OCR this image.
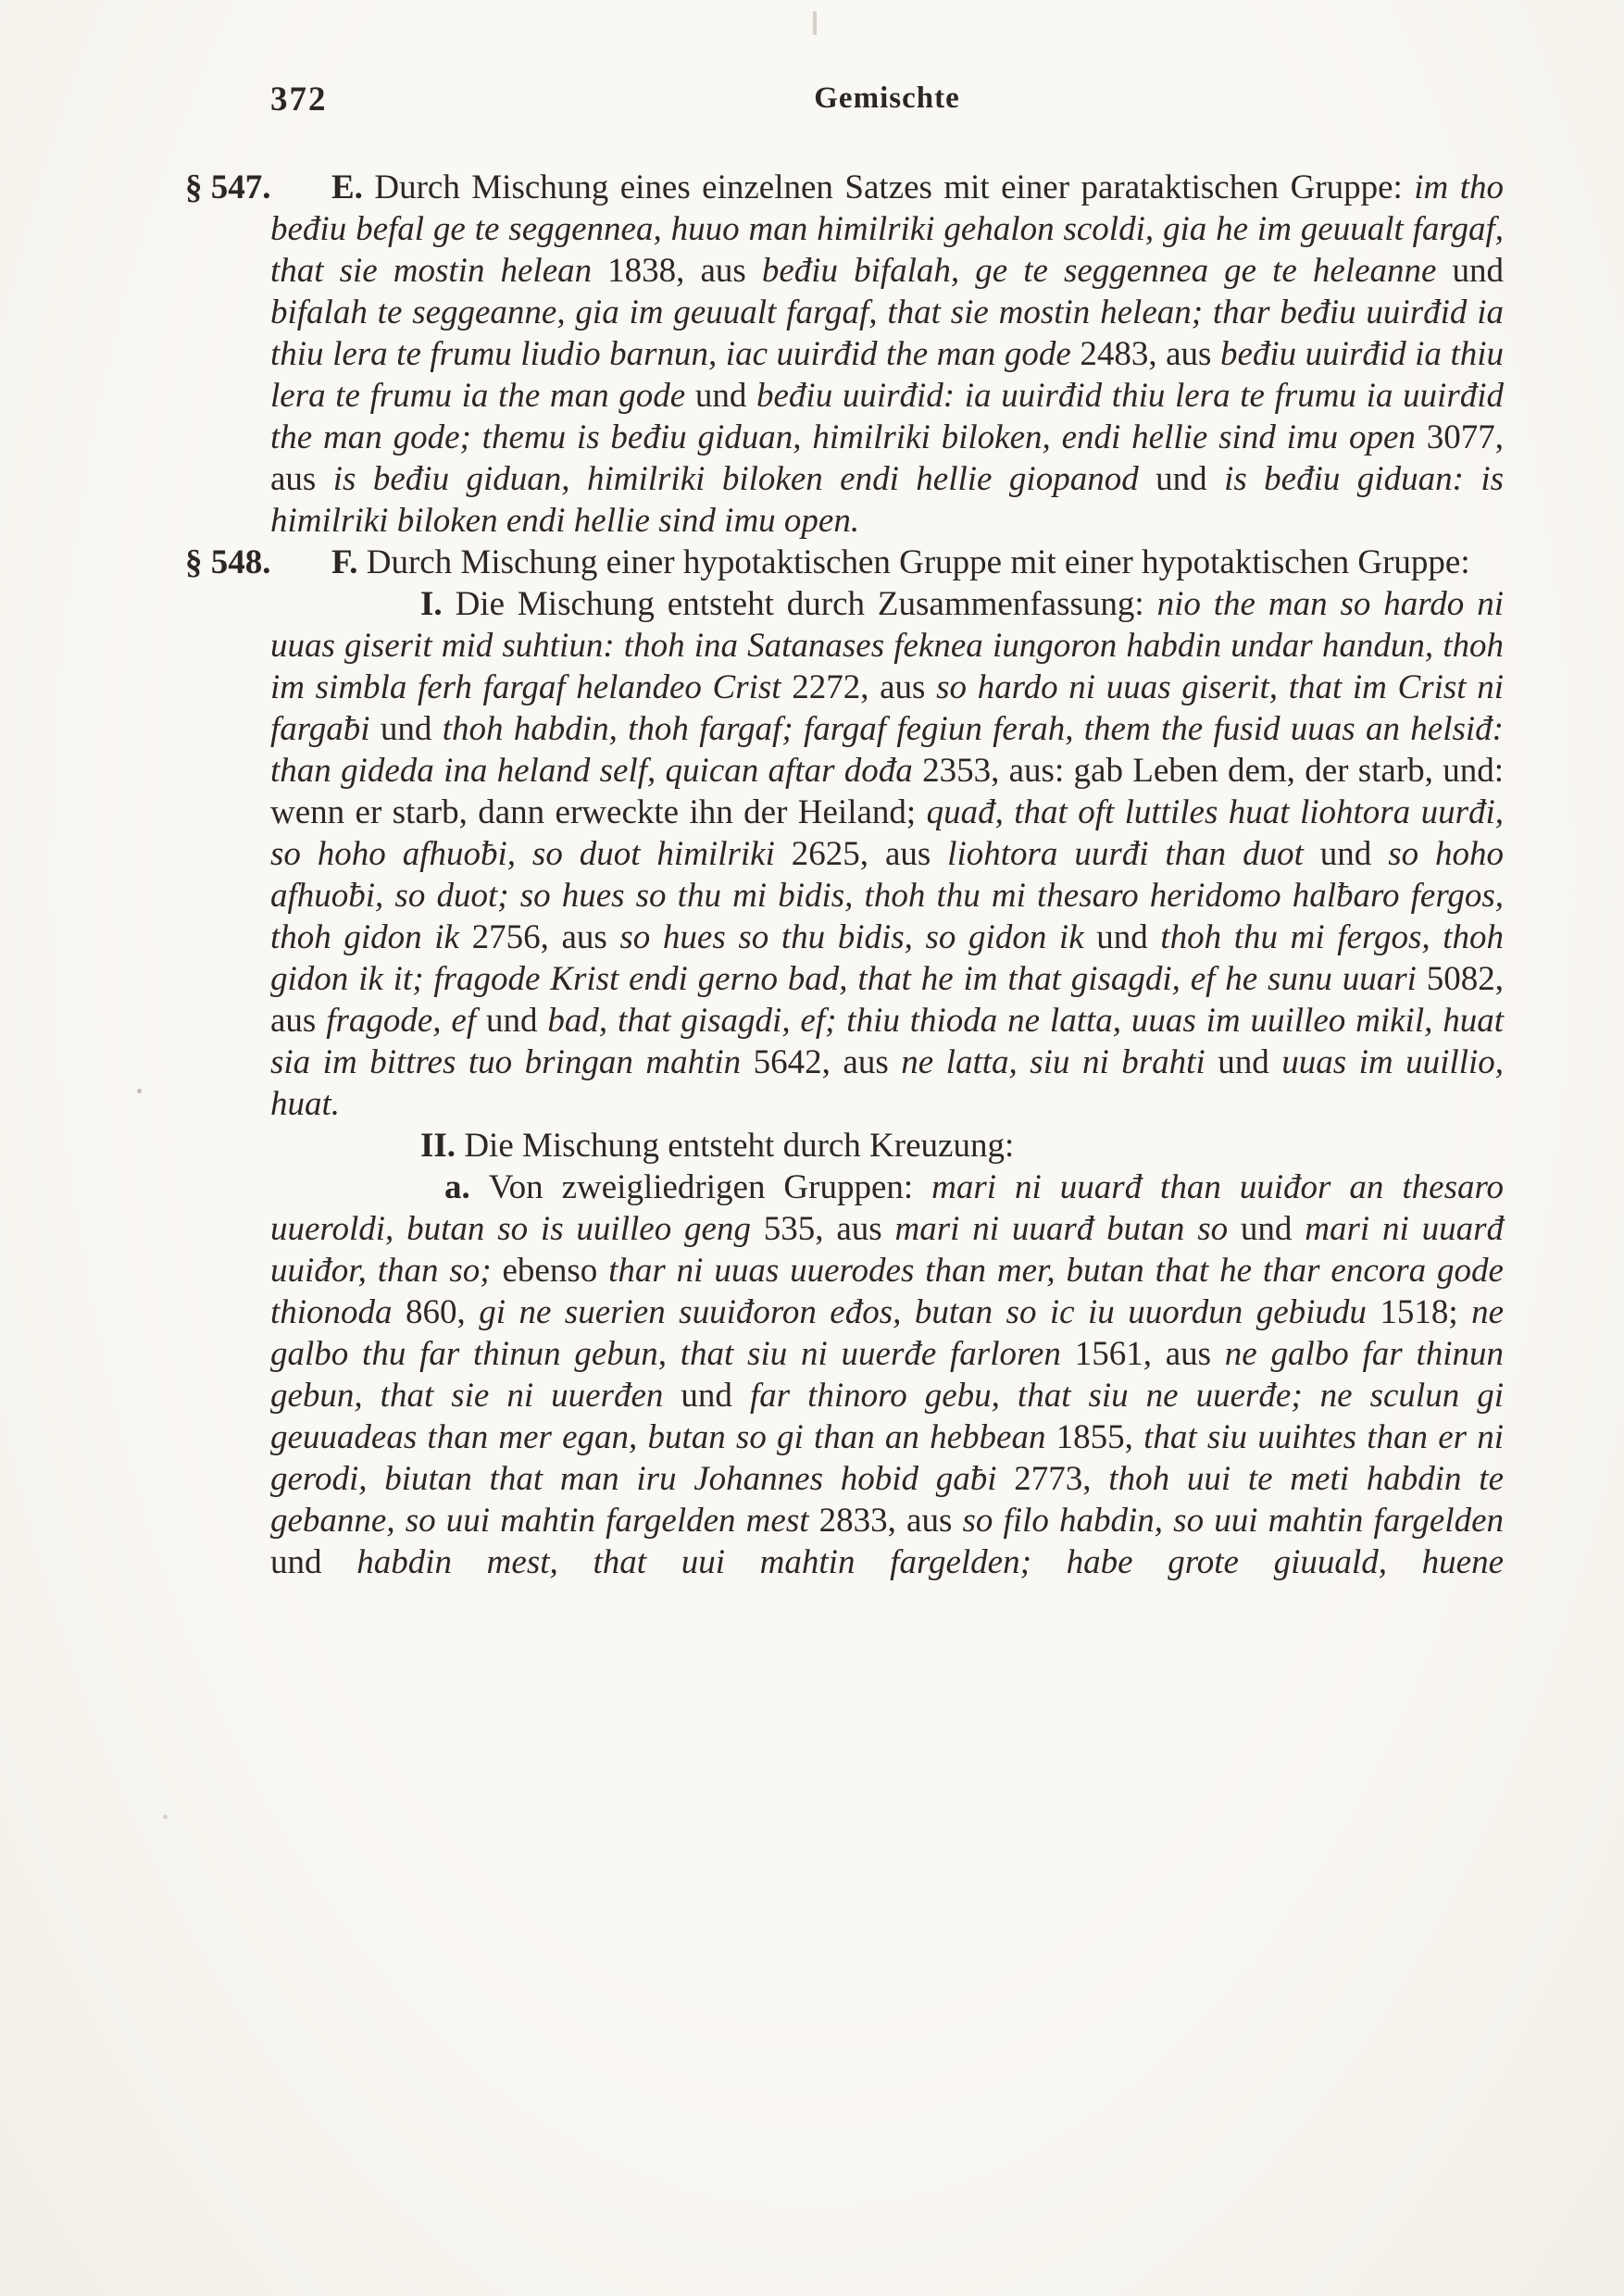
372	Gemischte
§ 547. E. Durch Mischung eines einzelnen Satzes mit einer parataktischen Gruppe: im tho beđiu befal ge te seggennea, huuo man himilriki gehalon scoldi, gia he im geuualt fargaf, that sie mostin helean 1838, aus beđiu bifalah, ge te seggennea ge te heleanne und bifalah te seggeanne, gia im geuualt fargaf, that sie mostin helean; thar beđiu uuirđid ia thiu lera te frumu liudio barnun, iac uuirđid the man gode 2483, aus beđiu uuirđid ia thiu lera te frumu ia the man gode und beđiu uuirđid: ia uuirđid thiu lera te frumu ia uuirđid the man gode; themu is beđiu giduan, himilriki biloken, endi hellie sind imu open 3077, aus is beđiu giduan, himilriki biloken endi hellie giopanod und is beđiu giduan: is himilriki biloken endi hellie sind imu open.
§ 548. F. Durch Mischung einer hypotaktischen Gruppe mit einer hypotaktischen Gruppe:
I. Die Mischung entsteht durch Zusammenfassung: nio the man so hardo ni uuas giserit mid suhtiun: thoh ina Satanases feknea iungoron habdin undar handun, thoh im simbla ferh fargaf helandeo Crist 2272, aus so hardo ni uuas giserit, that im Crist ni fargaƀi und thoh habdin, thoh fargaf; fargaf fegiun ferah, them the fusid uuas an helsiđ: than gideda ina heland self, quican aftar dođa 2353, aus: gab Leben dem, der starb, und: wenn er starb, dann erweckte ihn der Heiland; quađ, that oft luttiles huat liohtora uurđi, so hoho afhuoƀi, so duot himilriki 2625, aus liohtora uurđi than duot und so hoho afhuoƀi, so duot; so hues so thu mi bidis, thoh thu mi thesaro heridomo halƀaro fergos, thoh gidon ik 2756, aus so hues so thu bidis, so gidon ik und thoh thu mi fergos, thoh gidon ik it; fragode Krist endi gerno bad, that he im that gisagdi, ef he sunu uuari 5082, aus fragode, ef und bad, that gisagdi, ef; thiu thioda ne latta, uuas im uuilleo mikil, huat sia im bittres tuo bringan mahtin 5642, aus ne latta, siu ni brahti und uuas im uuillio, huat.
II. Die Mischung entsteht durch Kreuzung:
a. Von zweigliedrigen Gruppen: mari ni uuarđ than uuiđor an thesaro uueroldi, butan so is uuilleo geng 535, aus mari ni uuarđ butan so und mari ni uuarđ uuiđor, than so; ebenso thar ni uuas uuerodes than mer, butan that he thar encora gode thionoda 860, gi ne suerien suuiđoron eđos, butan so ic iu uuordun gebiudu 1518; ne galbo thu far thinun gebun, that siu ni uuerđe farloren 1561, aus ne galbo far thinun gebun, that sie ni uuerđen und far thinoro gebu, that siu ne uuerđe; ne sculun gi geuuadeas than mer egan, butan so gi than an hebbean 1855, that siu uuihtes than er ni gerodi, biutan that man iru Johannes hobid gaƀi 2773, thoh uui te meti habdin te gebanne, so uui mahtin fargelden mest 2833, aus so filo habdin, so uui mahtin fargelden und habdin mest, that uui mahtin fargelden; habe grote giuuald, huene
